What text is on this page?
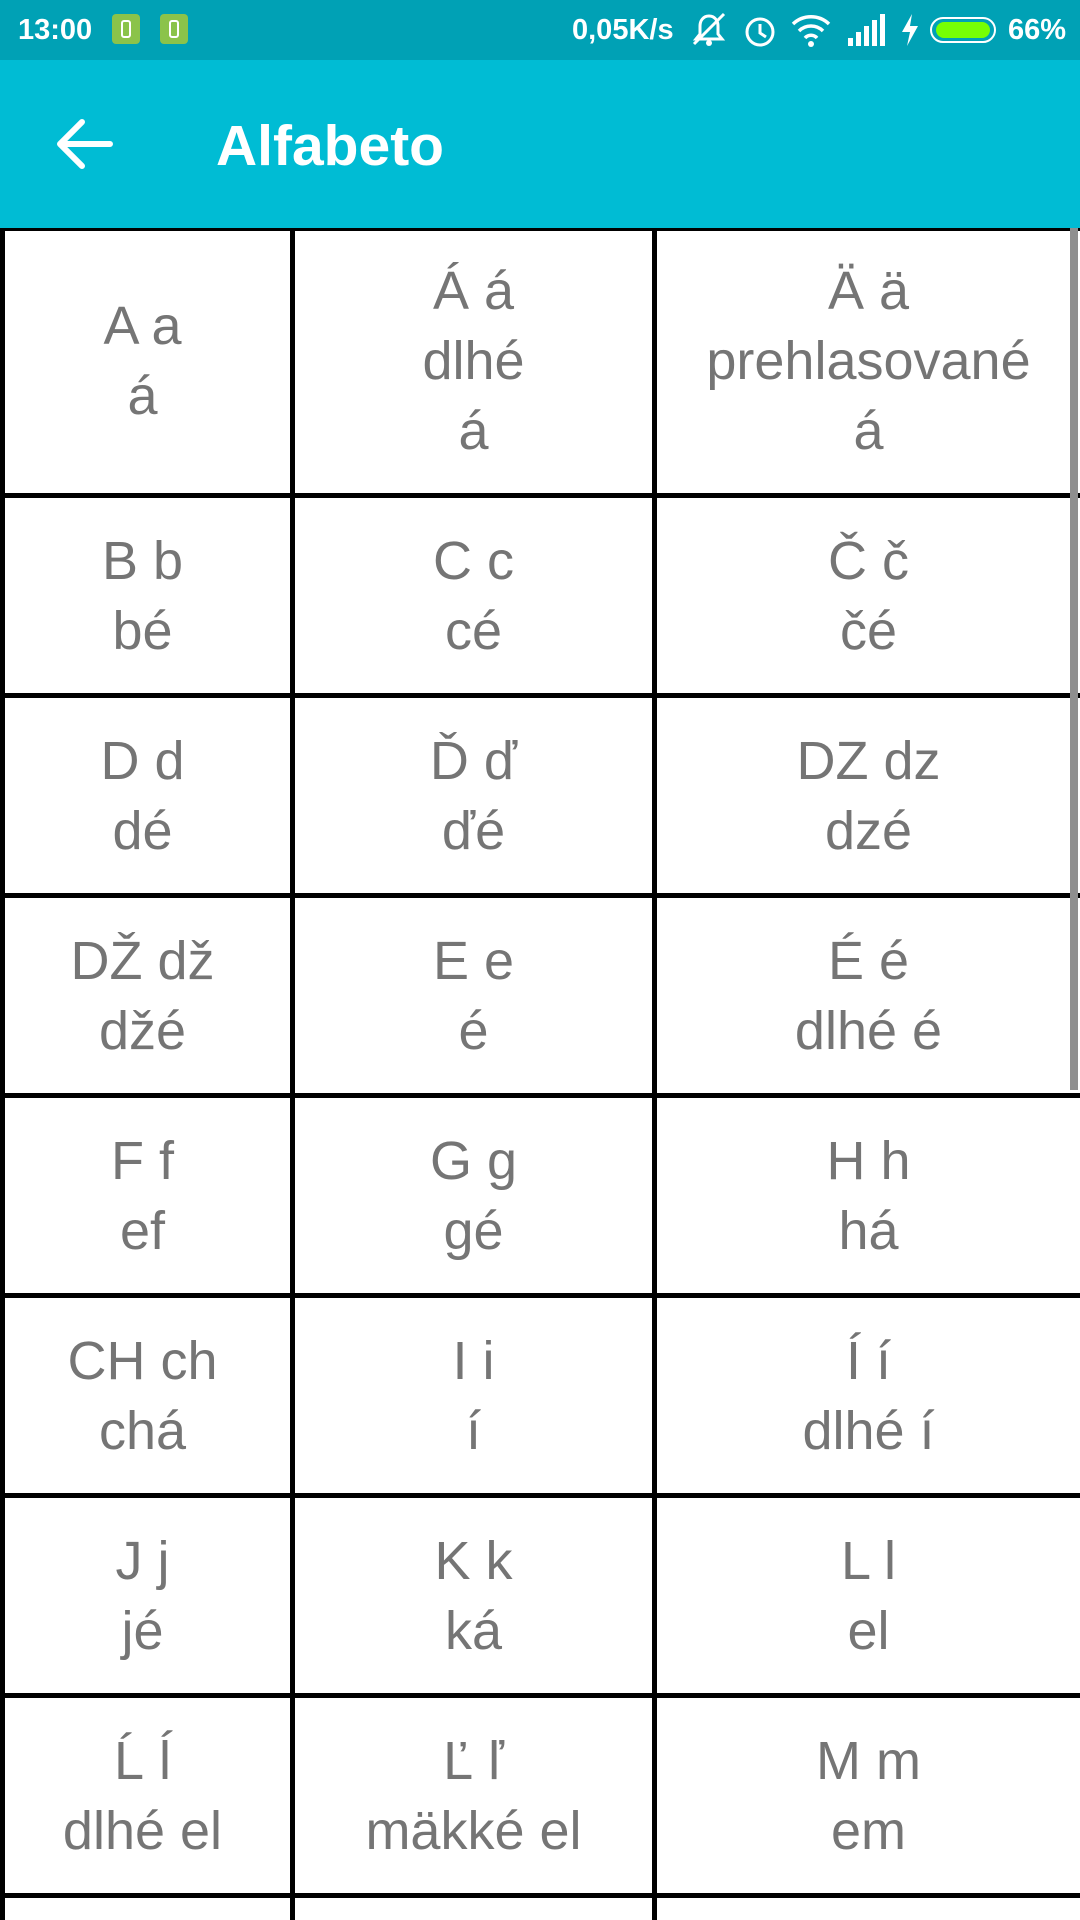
13:00	0,05K/s	66%
Alfabeto
A a
á
Á á
dlhé
á
Ä ä
prehlasované
á
B b
bé
C c
cé
Č č
čé
D d
dé
Ď ď
ďé
DZ dz
dzé
DŽ dž
džé
E e
é
É é
dlhé é
F f
ef
G g
gé
H h
há
CH ch
chá
I i
í
Í í
dlhé í
J j
jé
K k
ká
L l
el
Ĺ ĺ
dlhé el
Ľ ľ
mäkké el
M m
em
